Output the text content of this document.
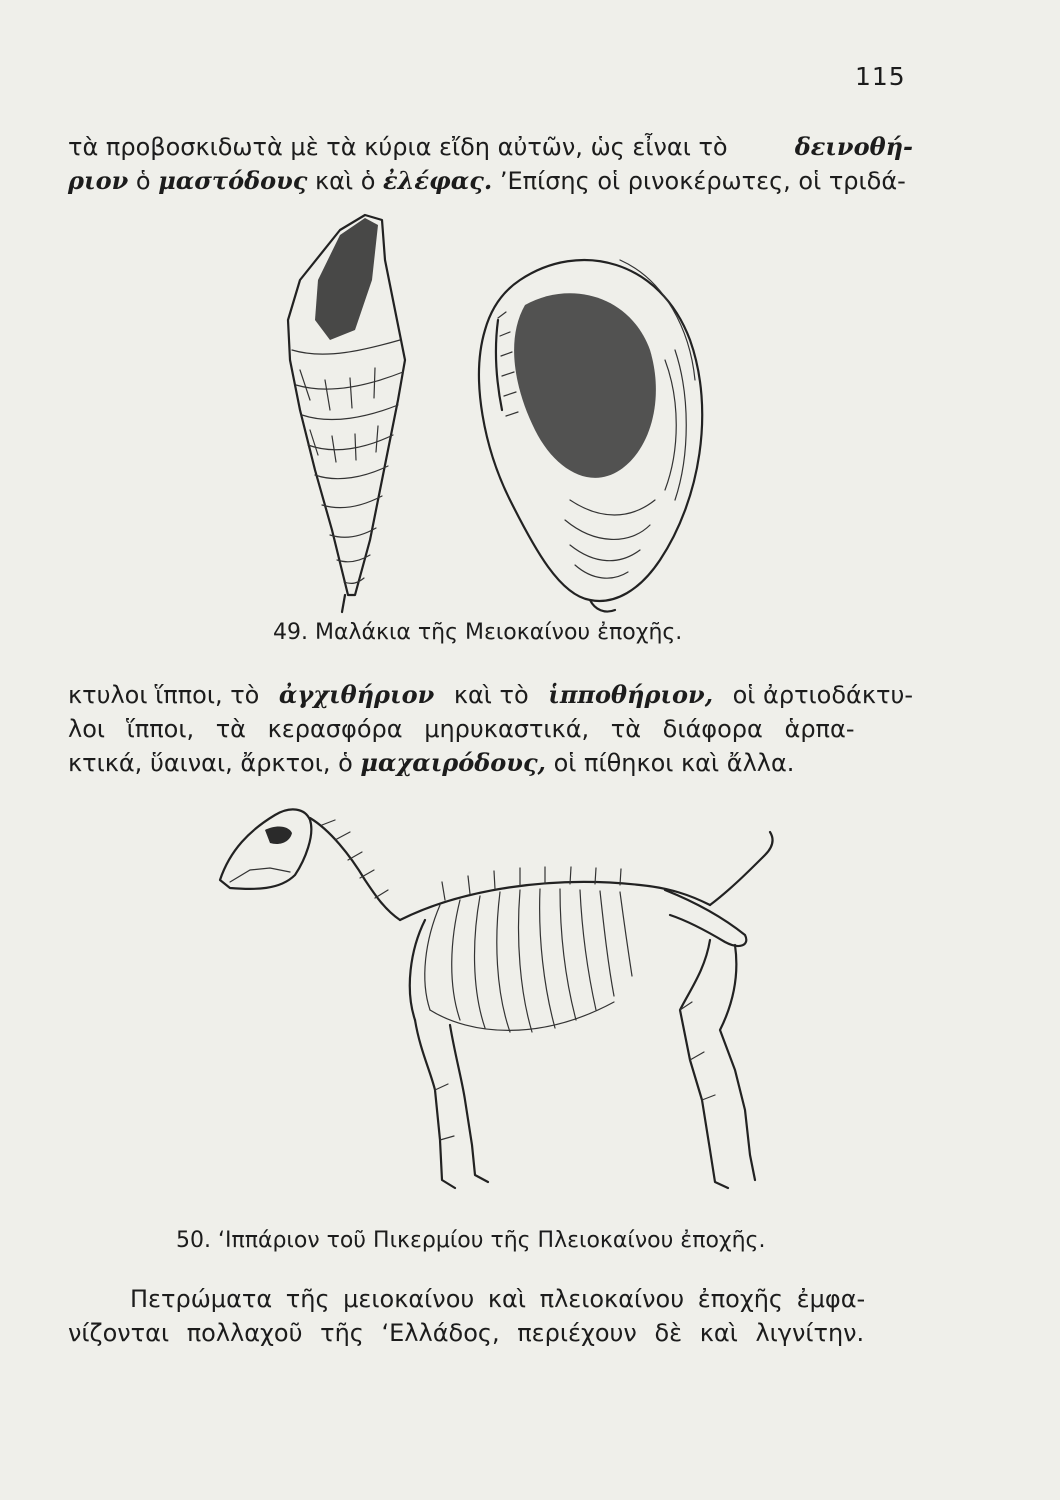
115
τὰ προβοσκιδωτὰ μὲ τὰ κύρια εἴδη αὐτῶν, ὡς εἶναι τὸ	δεινοθή-
ριον ὁ μαστόδους καὶ ὁ ἐλέφας. ’Επίσης οἱ ρινοκέρωτες, οἱ τριδά-
49. Μαλάκια τῆς Μειοκαίνου ἐποχῆς.
κτυλοι ἵπποι, τὸ ἀγχιθήριον καὶ τὸ ἱπποθήριον, οἱ ἀρτιοδάκτυ-
λοι ἵπποι, τὰ κερασφόρα μηρυκαστικά, τὰ διάφορα ἁρπα-
κτικά, ὕαιναι, ἄρκτοι, ὁ μαχαιρόδους, οἱ πίθηκοι καὶ ἄλλα.
50. ‘Ιππάριον τοῦ Πικερμίου τῆς Πλειοκαίνου ἐποχῆς.
Πετρώματα τῆς μειοκαίνου καὶ πλειοκαίνου ἐποχῆς ἐμφα-
νίζονται πολλαχοῦ τῆς ‘Ελλάδος, περιέχουν δὲ καὶ λιγνίτην.
